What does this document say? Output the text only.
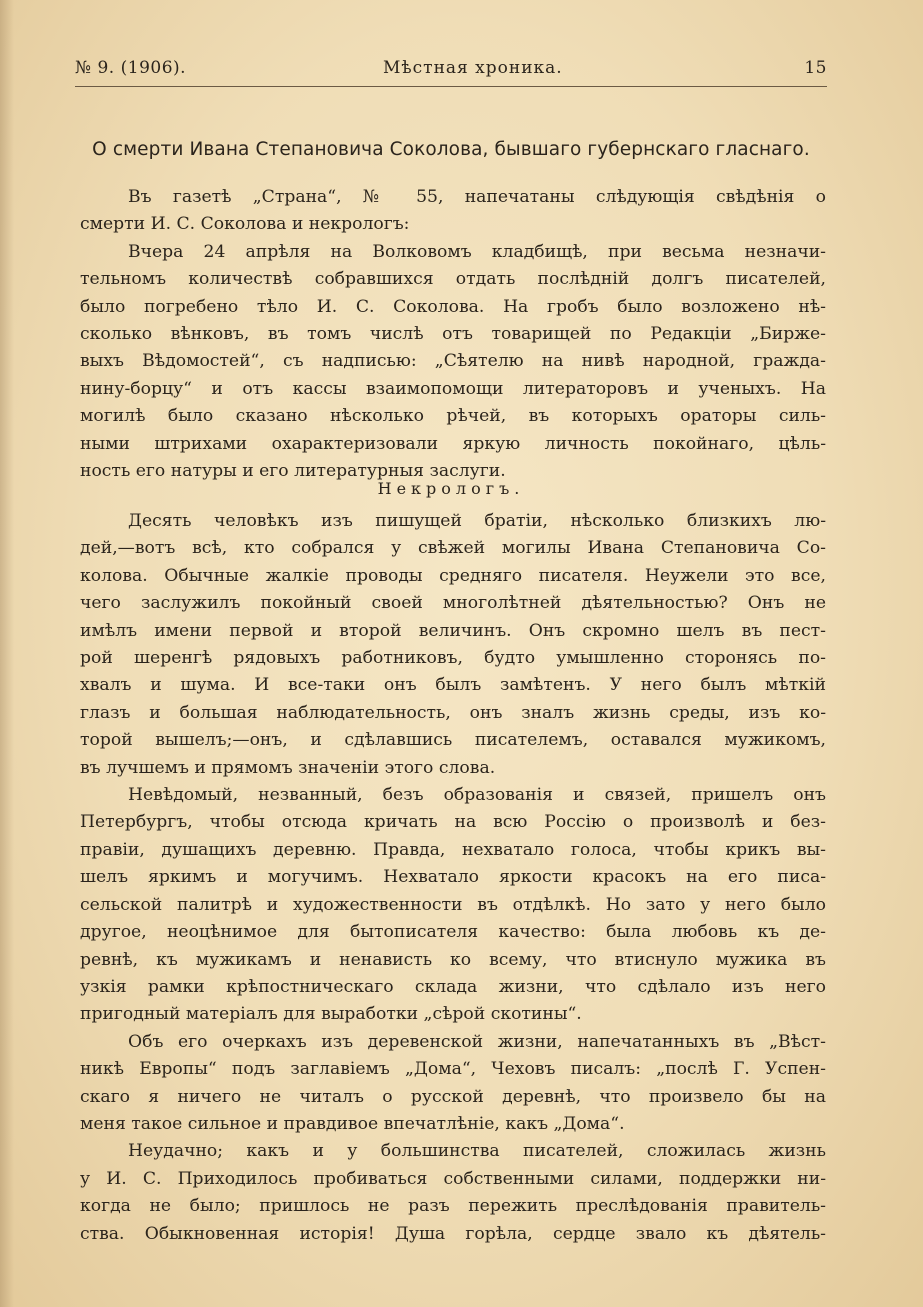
№ 9. (1906).	Мѣстная хроника.	15
О смерти Ивана Степановича Соколова, бывшаго губернскаго гласнаго.
Въ газетѣ „Страна“, № 55, напечатаны слѣдующія свѣдѣнія о
смерти И. С. Соколова и некрологъ:
Вчера 24 апрѣля на Волковомъ кладбищѣ, при весьма незначи-
тельномъ количествѣ собравшихся отдать послѣдній долгъ писателей,
было погребено тѣло И. С. Соколова. На гробъ было возложено нѣ-
сколько вѣнковъ, въ томъ числѣ отъ товарищей по Редакціи „Бирже-
выхъ Вѣдомостей“, съ надписью: „Сѣятелю на нивѣ народной, гражда-
нину-борцу“ и отъ кассы взаимопомощи литераторовъ и ученыхъ. На
могилѣ было сказано нѣсколько рѣчей, въ которыхъ ораторы силь-
ными штрихами охарактеризовали яркую личность покойнаго, цѣль-
ность его натуры и его литературныя заслуги.
Некрологъ.
Десять человѣкъ изъ пишущей братіи, нѣсколько близкихъ лю-
дей,—вотъ всѣ, кто собрался у свѣжей могилы Ивана Степановича Со-
колова. Обычные жалкіе проводы средняго писателя. Неужели это все,
чего заслужилъ покойный своей многолѣтней дѣятельностью? Онъ не
имѣлъ имени первой и второй величинъ. Онъ скромно шелъ въ пест-
рой шеренгѣ рядовыхъ работниковъ, будто умышленно сторонясь по-
хвалъ и шума. И все-таки онъ былъ замѣтенъ. У него былъ мѣткій
глазъ и большая наблюдательность, онъ зналъ жизнь среды, изъ ко-
торой вышелъ;—онъ, и сдѣлавшись писателемъ, оставался мужикомъ,
въ лучшемъ и прямомъ значеніи этого слова.
Невѣдомый, незванный, безъ образованія и связей, пришелъ онъ
Петербургъ, чтобы отсюда кричать на всю Россію о произволѣ и без-
правіи, душащихъ деревню. Правда, нехватало голоса, чтобы крикъ вы-
шелъ яркимъ и могучимъ. Нехватало яркости красокъ на его писа-
сельской палитрѣ и художественности въ отдѣлкѣ. Но зато у него было
другое, неоцѣнимое для бытописателя качество: была любовь къ де-
ревнѣ, къ мужикамъ и ненависть ко всему, что втиснуло мужика въ
узкія рамки крѣпостническаго склада жизни, что сдѣлало изъ него
пригодный матеріалъ для выработки „сѣрой скотины“.
Объ его очеркахъ изъ деревенской жизни, напечатанныхъ въ „Вѣст-
никѣ Европы“ подъ заглавіемъ „Дома“, Чеховъ писалъ: „послѣ Г. Успен-
скаго я ничего не читалъ о русской деревнѣ, что произвело бы на
меня такое сильное и правдивое впечатлѣніе, какъ „Дома“.
Неудачно; какъ и у большинства писателей, сложилась жизнь
у И. С. Приходилось пробиваться собственными силами, поддержки ни-
когда не было; пришлось не разъ пережить преслѣдованія правитель-
ства. Обыкновенная исторія! Душа горѣла, сердце звало къ дѣятель-
